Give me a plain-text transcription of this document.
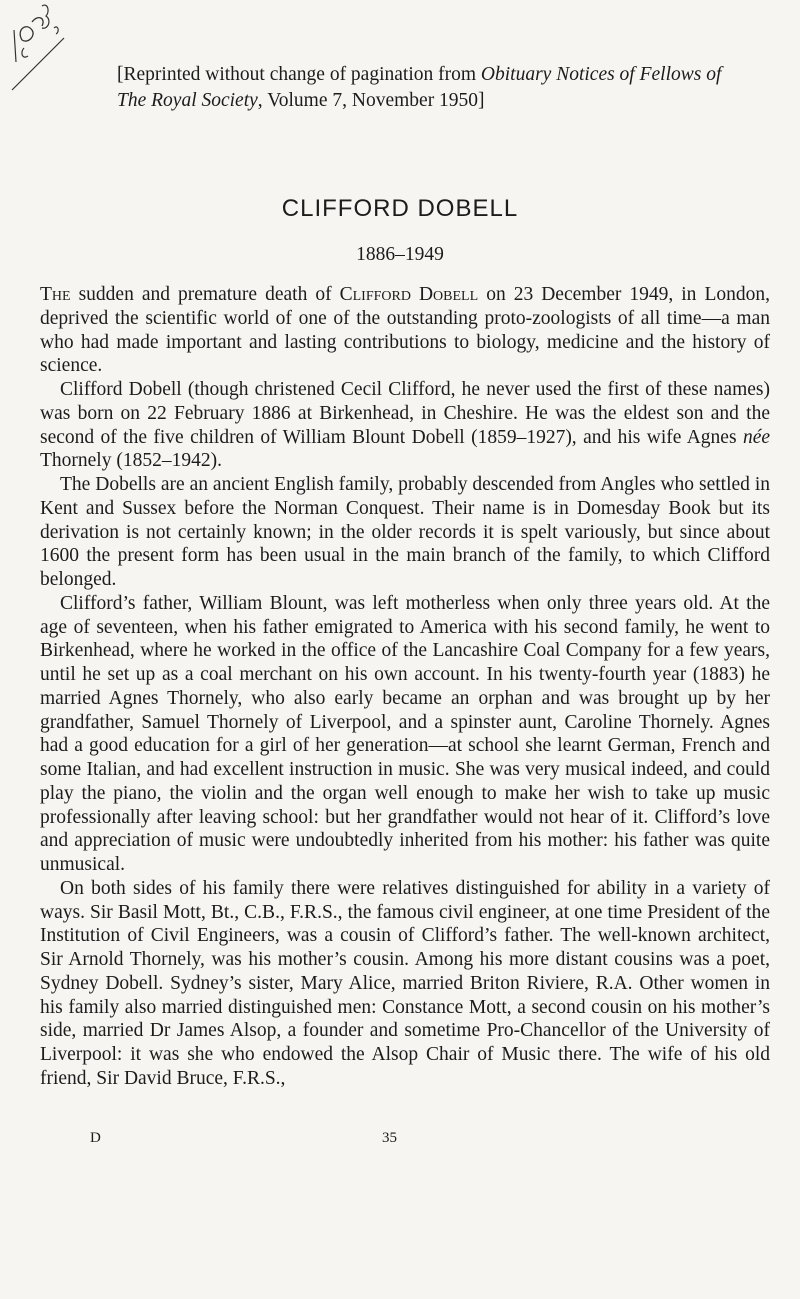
[Reprinted without change of pagination from Obituary Notices of Fellows of The Royal Society, Volume 7, November 1950]
CLIFFORD DOBELL
1886–1949

The sudden and premature death of Clifford Dobell on 23 December 1949, in London, deprived the scientific world of one of the outstanding proto-zoologists of all time—a man who had made important and lasting contributions to biology, medicine and the history of science.

Clifford Dobell (though christened Cecil Clifford, he never used the first of these names) was born on 22 February 1886 at Birkenhead, in Cheshire. He was the eldest son and the second of the five children of William Blount Dobell (1859–1927), and his wife Agnes née Thornely (1852–1942).

The Dobells are an ancient English family, probably descended from Angles who settled in Kent and Sussex before the Norman Conquest. Their name is in Domesday Book but its derivation is not certainly known; in the older records it is spelt variously, but since about 1600 the present form has been usual in the main branch of the family, to which Clifford belonged.

Clifford’s father, William Blount, was left motherless when only three years old. At the age of seventeen, when his father emigrated to America with his second family, he went to Birkenhead, where he worked in the office of the Lancashire Coal Company for a few years, until he set up as a coal merchant on his own account. In his twenty-fourth year (1883) he married Agnes Thornely, who also early became an orphan and was brought up by her grandfather, Samuel Thornely of Liverpool, and a spinster aunt, Caroline Thornely. Agnes had a good education for a girl of her generation—at school she learnt German, French and some Italian, and had excellent instruction in music. She was very musical indeed, and could play the piano, the violin and the organ well enough to make her wish to take up music professionally after leaving school: but her grandfather would not hear of it. Clifford’s love and appreciation of music were undoubtedly inherited from his mother: his father was quite unmusical.

On both sides of his family there were relatives distinguished for ability in a variety of ways. Sir Basil Mott, Bt., C.B., F.R.S., the famous civil engineer, at one time President of the Institution of Civil Engineers, was a cousin of Clifford’s father. The well-known architect, Sir Arnold Thornely, was his mother’s cousin. Among his more distant cousins was a poet, Sydney Dobell. Sydney’s sister, Mary Alice, married Briton Riviere, R.A. Other women in his family also married distinguished men: Constance Mott, a second cousin on his mother’s side, married Dr James Alsop, a founder and sometime Pro-Chancellor of the University of Liverpool: it was she who endowed the Alsop Chair of Music there. The wife of his old friend, Sir David Bruce, F.R.S.,

D	35
